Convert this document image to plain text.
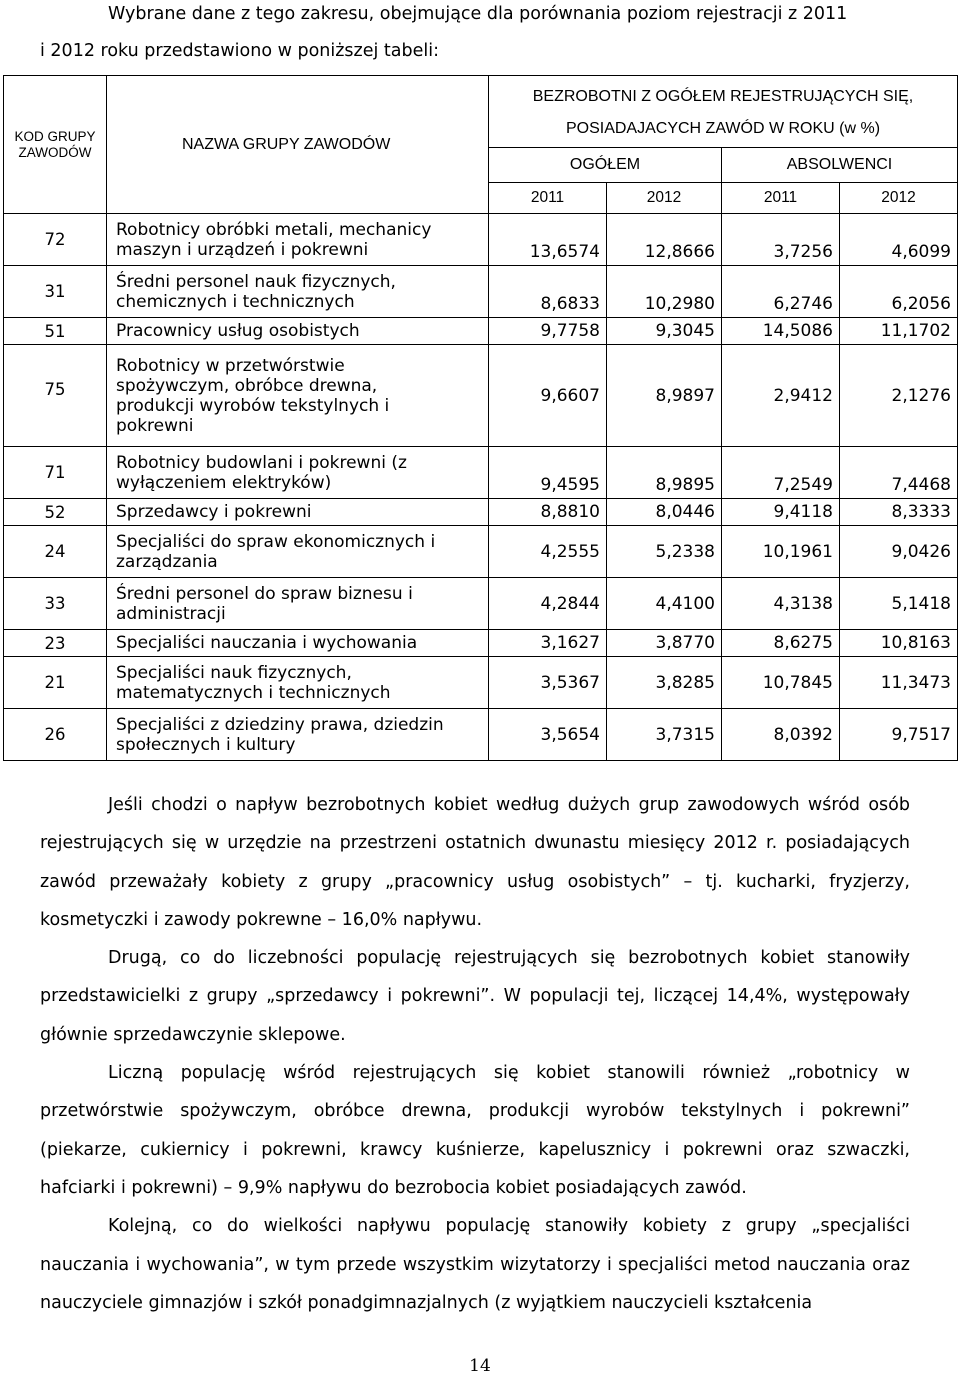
Wybrane dane z tego zakresu, obejmujące dla porównania poziom rejestracji z 2011
i 2012 roku przedstawiono w poniższej tabeli:
KOD GRUPY ZAWODÓW	NAZWA GRUPY ZAWODÓW	BEZROBOTNI Z OGÓŁEM REJESTRUJĄCYCH SIĘ,
POSIADAJACYCH ZAWÓD W ROKU (w %)			

		OGÓŁEM		ABSOLWENCI	

		2011	2012	2011	2012
72	Robotnicy obróbki metali, mechanicy maszyn i urządzeń i pokrewni	13,6574	12,8666	3,7256	4,6099
31	Średni personel nauk fizycznych, chemicznych i technicznych	8,6833	10,2980	6,2746	6,2056
51	Pracownicy usług osobistych	9,7758	9,3045	14,5086	11,1702
75	Robotnicy w przetwórstwie spożywczym, obróbce drewna, produkcji wyrobów tekstylnych i pokrewni	9,6607	8,9897	2,9412	2,1276
71	Robotnicy budowlani i pokrewni (z wyłączeniem elektryków)	9,4595	8,9895	7,2549	7,4468
52	Sprzedawcy i pokrewni	8,8810	8,0446	9,4118	8,3333
24	Specjaliści do spraw ekonomicznych i zarządzania	4,2555	5,2338	10,1961	9,0426
33	Średni personel do spraw biznesu i administracji	4,2844	4,4100	4,3138	5,1418
23	Specjaliści nauczania i wychowania	3,1627	3,8770	8,6275	10,8163
21	Specjaliści nauk fizycznych, matematycznych i technicznych	3,5367	3,8285	10,7845	11,3473
26	Specjaliści z dziedziny prawa, dziedzin społecznych i kultury	3,5654	3,7315	8,0392	9,7517

Jeśli chodzi o napływ bezrobotnych kobiet według dużych grup zawodowych wśród osób rejestrujących się w urzędzie na przestrzeni ostatnich dwunastu miesięcy 2012 r. posiadających zawód przeważały kobiety z grupy „pracownicy usług osobistych” – tj. kucharki, fryzjerzy, kosmetyczki i zawody pokrewne – 16,0% napływu.

Drugą, co do liczebności populację rejestrujących się bezrobotnych kobiet stanowiły przedstawicielki z grupy „sprzedawcy i pokrewni”. W populacji tej, liczącej 14,4%, występowały głównie sprzedawczynie sklepowe.

Liczną populację wśród rejestrujących się kobiet stanowili również „robotnicy w przetwórstwie spożywczym, obróbce drewna, produkcji wyrobów tekstylnych i pokrewni” (piekarze, cukiernicy i pokrewni, krawcy kuśnierze, kapelusznicy i pokrewni oraz szwaczki, hafciarki i pokrewni) – 9,9% napływu do bezrobocia kobiet posiadających zawód.

Kolejną, co do wielkości napływu populację stanowiły kobiety z grupy „specjaliści nauczania i wychowania”, w tym przede wszystkim wizytatorzy i specjaliści metod nauczania oraz nauczyciele gimnazjów i szkół ponadgimnazjalnych (z wyjątkiem nauczycieli kształcenia

14
